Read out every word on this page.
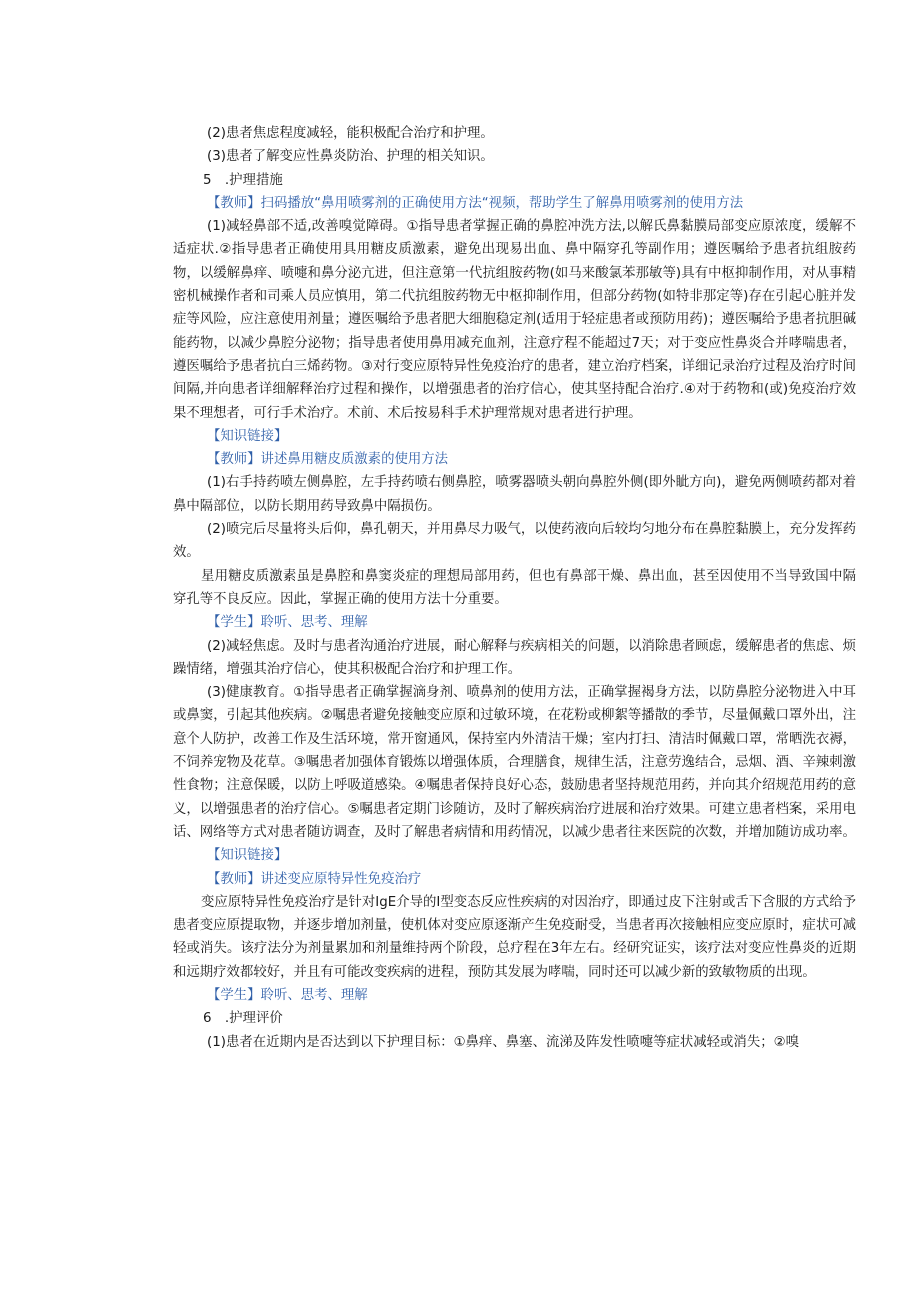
(2)患者焦虑程度减轻，能积极配合治疗和护理。

(3)患者了解变应性鼻炎防治、护理的相关知识。

5　.护理措施

【教师】扫码播放“鼻用喷雾剂的正确使用方法“视频，帮助学生了解鼻用喷雾剂的使用方法

(1)减轻鼻部不适,改善嗅觉障碍。①指导患者掌握正确的鼻腔冲洗方法,以解氏鼻黏膜局部变应原浓度，缓解不适症状.②指导患者正确使用具用糖皮质激素，避免出现易出血、鼻中隔穿孔等副作用；遵医嘱给予患者抗组胺药物，以缓解鼻痒、喷嚏和鼻分泌亢进，但注意第一代抗组胺药物(如马来酸氯苯那敏等)具有中枢抑制作用，对从事精密机械操作者和司乘人员应慎用，第二代抗组胺药物无中枢抑制作用，但部分药物(如特非那定等)存在引起心脏并发症等风险，应注意使用剂量；遵医嘱给予患者肥大细胞稳定剂(适用于轻症患者或预防用药)；遵医嘱给予患者抗胆碱能药物，以减少鼻腔分泌物；指导患者使用鼻用减充血剂，注意疗程不能超过7天；对于变应性鼻炎合并哮喘患者，遵医嘱给予患者抗白三烯药物。③对行变应原特异性免疫治疗的患者，建立治疗档案，详细记录治疗过程及治疗时间间隔,并向患者详细解释治疗过程和操作，以增强患者的治疗信心，使其坚持配合治疗.④对于药物和(或)免疫治疗效果不理想者，可行手术治疗。术前、术后按易科手术护理常规对患者进行护理。

【知识链接】

【教师】讲述鼻用糖皮质激素的使用方法

(1)右手持药喷左侧鼻腔，左手持药喷右侧鼻腔，喷雾器喷头朝向鼻腔外侧(即外眦方向)，避免两侧喷药都对着鼻中隔部位，以防长期用药导致鼻中隔损伤。

(2)喷完后尽量将头后仰，鼻孔朝天，并用鼻尽力吸气，以使药液向后较均匀地分布在鼻腔黏膜上，充分发挥药效。

星用糖皮质激素虽是鼻腔和鼻窦炎症的理想局部用药，但也有鼻部干燥、鼻出血，甚至因使用不当导致国中隔穿孔等不良反应。因此，掌握正确的使用方法十分重要。

【学生】聆听、思考、理解

(2)减轻焦虑。及时与患者沟通治疗进展，耐心解释与疾病相关的问题，以消除患者顾虑，缓解患者的焦虑、烦躁情绪，增强其治疗信心，使其积极配合治疗和护理工作。

(3)健康教育。①指导患者正确掌握滴身剂、喷鼻剂的使用方法，正确掌握褐身方法，以防鼻腔分泌物进入中耳或鼻窦，引起其他疾病。②嘱患者避免接触变应原和过敏环境，在花粉或柳絮等播散的季节，尽量佩戴口罩外出，注意个人防护，改善工作及生活环境，常开窗通风，保持室内外清洁干燥；室内打扫、清洁时佩戴口罩，常晒洗衣褥，不饲养宠物及花草。③嘱患者加强体育锻炼以增强体质，合理膳食，规律生活，注意劳逸结合，忌烟、酒、辛辣刺激性食物；注意保暖，以防上呼吸道感染。④嘱患者保持良好心态，鼓励患者坚持规范用药，并向其介绍规范用药的意义，以增强患者的治疗信心。⑤嘱患者定期门诊随访，及时了解疾病治疗进展和治疗效果。可建立患者档案，采用电话、网络等方式对患者随访调查，及时了解患者病情和用药情况，以减少患者往来医院的次数，并增加随访成功率。

【知识链接】

【教师】讲述变应原特异性免疫治疗

变应原特异性免疫治疗是针对IgE介导的I型变态反应性疾病的对因治疗，即通过皮下注射或舌下含服的方式给予患者变应原提取物，并逐步增加剂量，使机体对变应原逐渐产生免疫耐受，当患者再次接触相应变应原时，症状可减轻或消失。该疗法分为剂量累加和剂量维持两个阶段，总疗程在3年左右。经研究证实，该疗法对变应性鼻炎的近期和远期疗效都较好，并且有可能改变疾病的进程，预防其发展为哮喘，同时还可以减少新的致敏物质的出现。

【学生】聆听、思考、理解

6　.护理评价

(1)患者在近期内是否达到以下护理目标：①鼻痒、鼻塞、流涕及阵发性喷嚏等症状减轻或消失；②嗅
